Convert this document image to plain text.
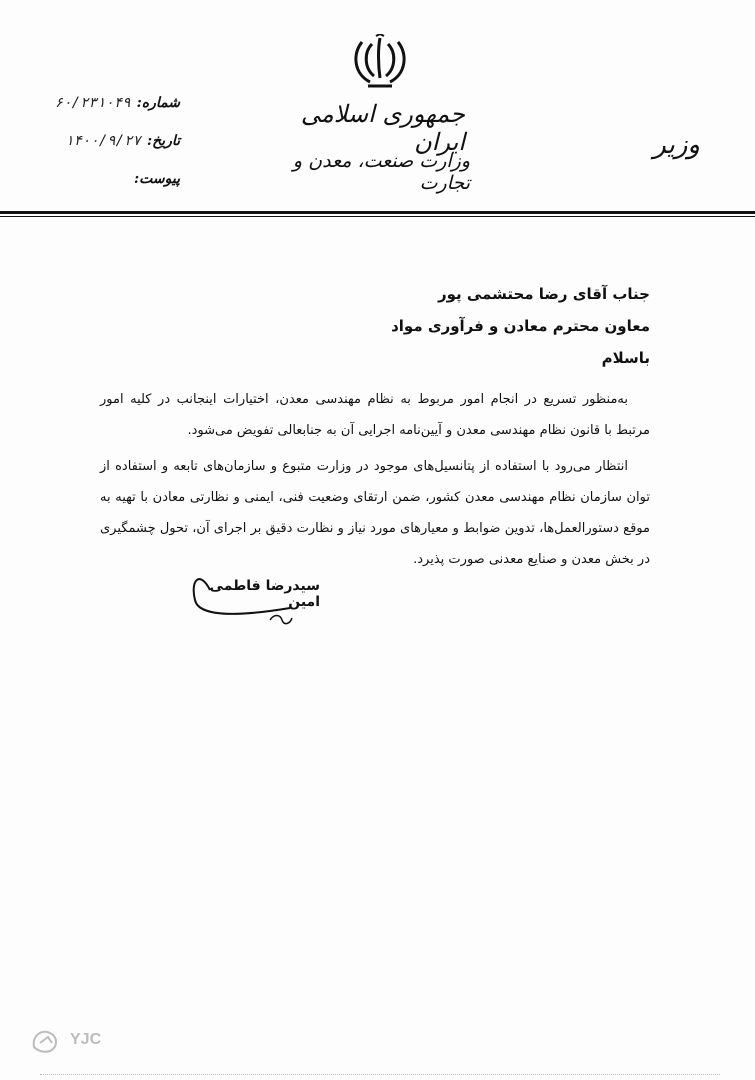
جمهوری اسلامی ایران
وزارت صنعت، معدن و تجارت
وزیر
شماره:
۶۰/۲۳۱۰۴۹
تاریخ:
۱۴۰۰/۹/۲۷
پیوست:

جناب آقای رضا محتشمی پور

معاون محترم معادن و فرآوری مواد

باسلام

به‌منظور تسریع در انجام امور مربوط به نظام مهندسی معدن، اختیارات اینجانب در کلیه امور مرتبط با قانون نظام مهندسی معدن و آیین‌نامه اجرایی آن به جنابعالی تفویض می‌شود.

انتظار می‌رود با استفاده از پتانسیل‌های موجود در وزارت متبوع و سازمان‌های تابعه و استفاده از توان سازمان نظام مهندسی معدن کشور، ضمن ارتقای وضعیت فنی، ایمنی و نظارتی معادن با تهیه به موقع دستورالعمل‌ها، تدوین ضوابط و معیارهای مورد نیاز و نظارت دقیق بر اجرای آن، تحول چشمگیری در بخش معدن و صنایع معدنی صورت پذیرد.

سیدرضا فاطمی امین
YJC
